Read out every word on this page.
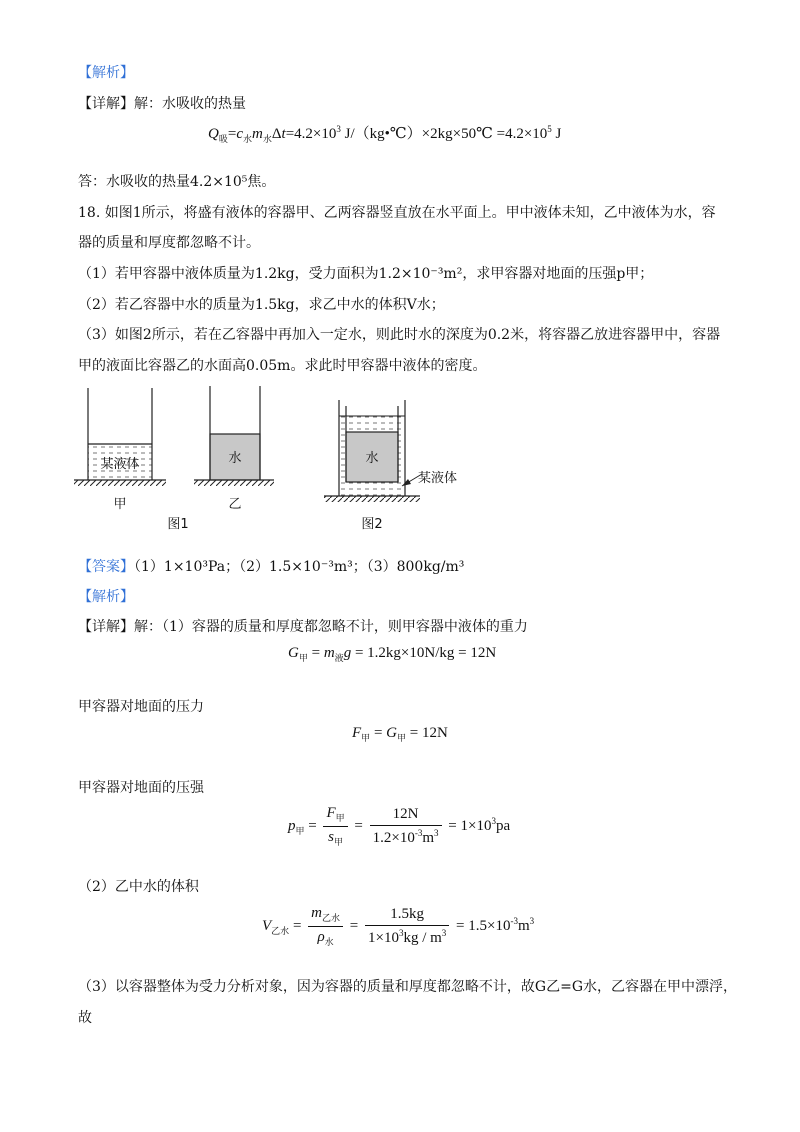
【解析】
【详解】解：水吸收的热量
$Q_吸=c_水m_水\Delta t=4.2\times 10^3$ J/（kg•℃）×2kg×50℃ $=4.2\times 10^5$ J
答：水吸收的热量4.2×10⁵焦。
18. 如图1所示，将盛有液体的容器甲、乙两容器竖直放在水平面上。甲中液体未知，乙中液体为水，容
器的质量和厚度都忽略不计。
（1）若甲容器中液体质量为1.2kg，受力面积为1.2×10⁻³m²，求甲容器对地面的压强p甲；
（2）若乙容器中水的质量为1.5kg，求乙中水的体积V水；
（3）如图2所示，若在乙容器中再加入一定水，则此时水的深度为0.2米，将容器乙放进容器甲中，容器
甲的液面比容器乙的水面高0.05m。求此时甲容器中液体的密度。
某液体
甲
水
乙
图1
水
某液体
图2
【答案】（1）1×10³Pa；（2）1.5×10⁻³m³；（3）800kg/m³
【解析】
【详解】解：（1）容器的质量和厚度都忽略不计，则甲容器中液体的重力
$G_甲 = m_液g = 1.2kg\times 10N/kg = 12N$
甲容器对地面的压力
$F_甲 = G_甲 = 12N$
甲容器对地面的压强
$p_甲 = \frac{F_甲}{s_甲} = \frac{12N}{1.2\times 10^{-3}m^3} = 1\times 10^3pa$
（2）乙中水的体积
$V_{乙水} = \frac{m_{乙水}}{\rho_水} = \frac{1.5kg}{1\times 10^3kg / m^3} = 1.5\times 10^{-3}m^3$
（3）以容器整体为受力分析对象，因为容器的质量和厚度都忽略不计，故G乙=G水，乙容器在甲中漂浮，
故
